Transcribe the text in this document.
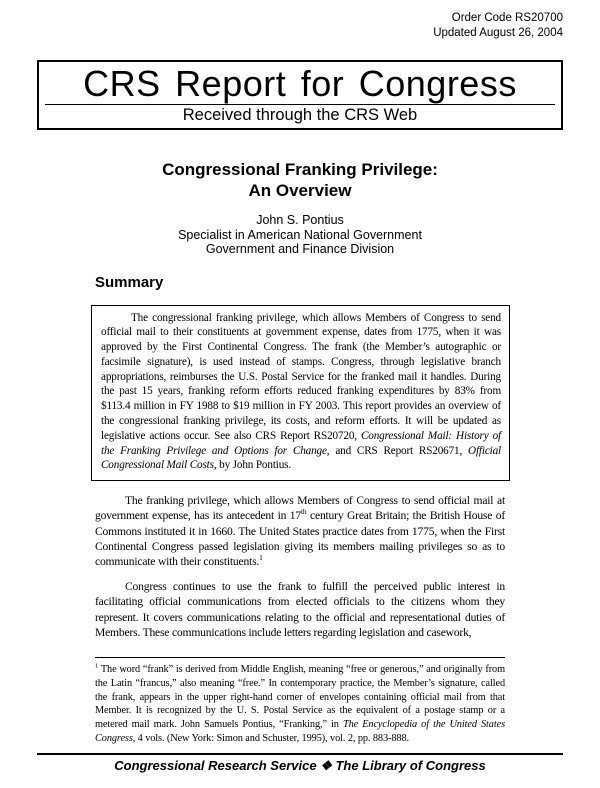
Order Code RS20700
Updated August 26, 2004
CRS Report for Congress
Received through the CRS Web
Congressional Franking Privilege:
An Overview
John S. Pontius
Specialist in American National Government
Government and Finance Division
Summary

The congressional franking privilege, which allows Members of Congress to send official mail to their constituents at government expense, dates from 1775, when it was approved by the First Continental Congress. The frank (the Member’s autographic or facsimile signature), is used instead of stamps. Congress, through legislative branch appropriations, reimburses the U.S. Postal Service for the franked mail it handles. During the past 15 years, franking reform efforts reduced franking expenditures by 83% from $113.4 million in FY 1988 to $19 million in FY 2003. This report provides an overview of the congressional franking privilege, its costs, and reform efforts. It will be updated as legislative actions occur. See also CRS Report RS20720, Congressional Mail: History of the Franking Privilege and Options for Change, and CRS Report RS20671, Official Congressional Mail Costs, by John Pontius.

The franking privilege, which allows Members of Congress to send official mail at government expense, has its antecedent in 17th century Great Britain; the British House of Commons instituted it in 1660. The United States practice dates from 1775, when the First Continental Congress passed legislation giving its members mailing privileges so as to communicate with their constituents.$^1$

Congress continues to use the frank to fulfill the perceived public interest in facilitating official communications from elected officials to the citizens whom they represent. It covers communications relating to the official and representational duties of Members. These communications include letters regarding legislation and casework,

$^1$ The word “frank” is derived from Middle English, meaning “free or generous,” and originally from the Latin “francus,” also meaning “free.” In contemporary practice, the Member’s signature, called the frank, appears in the upper right-hand corner of envelopes containing official mail from that Member. It is recognized by the U. S. Postal Service as the equivalent of a postage stamp or a metered mail mark. John Samuels Pontius, “Franking,” in The Encyclopedia of the United States Congress, 4 vols. (New York: Simon and Schuster, 1995), vol. 2, pp. 883-888.

Congressional Research Service ❖ The Library of Congress
